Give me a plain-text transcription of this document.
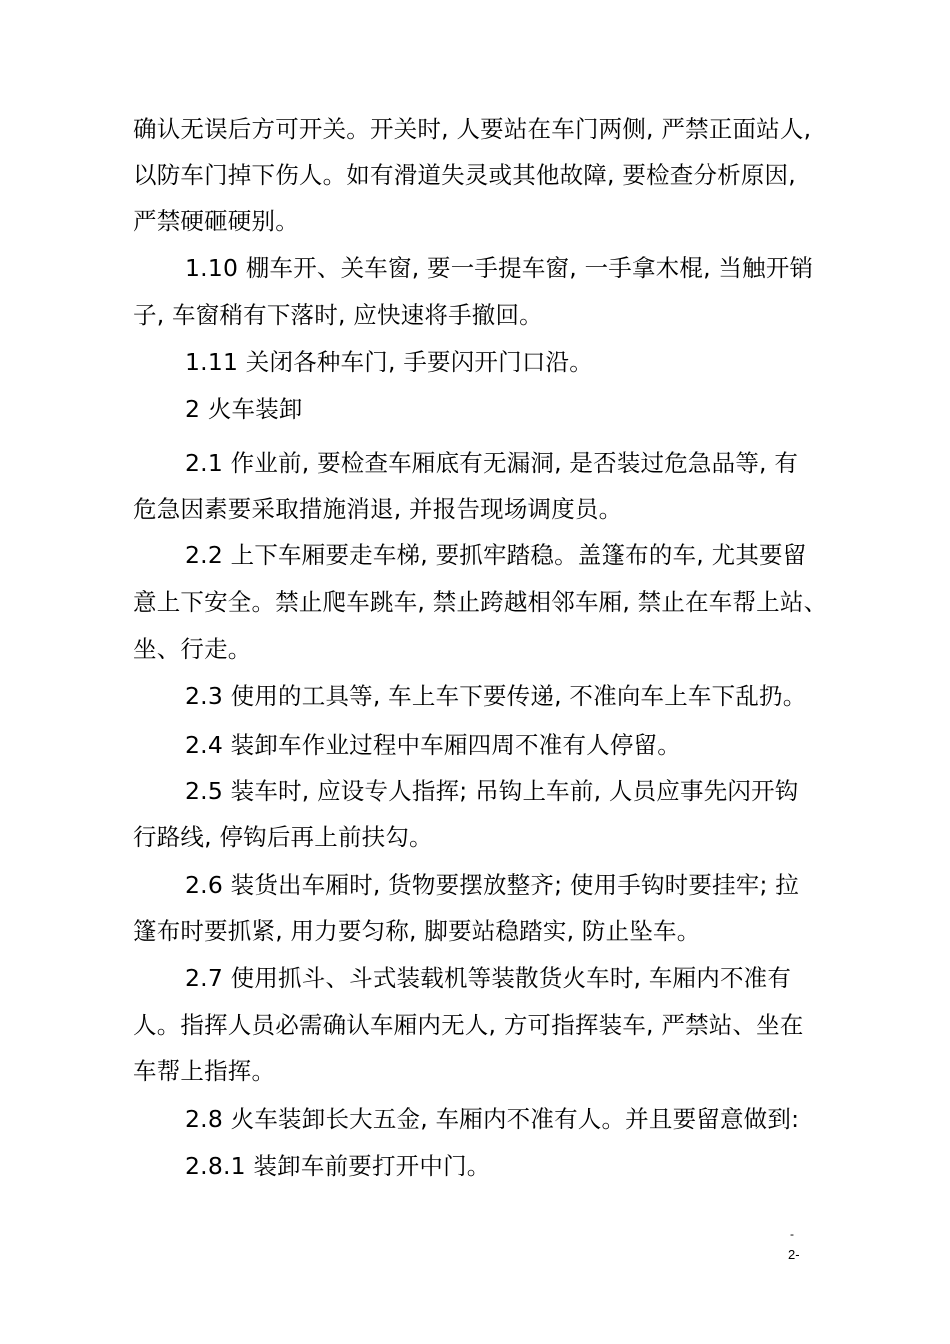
确认无误后方可开关。开关时, 人要站在车门两侧, 严禁正面站人,
以防车门掉下伤人。如有滑道失灵或其他故障, 要检查分析原因,
严禁硬砸硬别。
1.10 棚车开、关车窗, 要一手提车窗, 一手拿木棍, 当触开销
子, 车窗稍有下落时, 应快速将手撤回。
1.11 关闭各种车门, 手要闪开门口沿。
2 火车装卸
2.1 作业前, 要检查车厢底有无漏洞, 是否装过危急品等, 有
危急因素要采取措施消退, 并报告现场调度员。
2.2 上下车厢要走车梯, 要抓牢踏稳。盖篷布的车, 尤其要留
意上下安全。禁止爬车跳车, 禁止跨越相邻车厢, 禁止在车帮上站、
坐、行走。
2.3 使用的工具等, 车上车下要传递, 不准向车上车下乱扔。
2.4 装卸车作业过程中车厢四周不准有人停留。
2.5 装车时, 应设专人指挥; 吊钩上车前, 人员应事先闪开钩
行路线, 停钩后再上前扶勾。
2.6 装货出车厢时, 货物要摆放整齐; 使用手钩时要挂牢; 拉
篷布时要抓紧, 用力要匀称, 脚要站稳踏实, 防止坠车。
2.7 使用抓斗、斗式装载机等装散货火车时, 车厢内不准有
人。指挥人员必需确认车厢内无人, 方可指挥装车, 严禁站、坐在
车帮上指挥。
2.8 火车装卸长大五金, 车厢内不准有人。并且要留意做到:
2.8.1 装卸车前要打开中门。
-
2-
